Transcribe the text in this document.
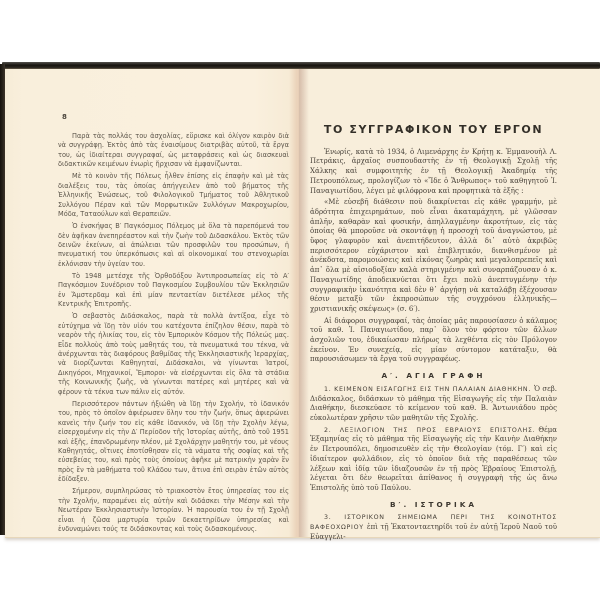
8

Παρὰ τὰς πολλάς του ἀσχολίας, εὕρισκε καὶ ὀλίγον καιρὸν διὰ νὰ συγγράφῃ. Ἐκτὸς ἀπὸ τὰς ἐναισίμους διατριβὰς αὐτοῦ, τὰ ἔργα του, ὡς ἰδιαίτεραι συγγραφαί, ὡς μεταφράσεις καὶ ὡς διασκευαὶ διδακτικῶν κειμένων ἐνωρὶς ἤρχισαν νὰ ἐμφανίζωνται.

Μὲ τὸ κοινὸν τῆς Πόλεως ἦλθεν ἐπίσης εἰς ἐπαφὴν καὶ μὲ τὰς διαλέξεις του, τὰς ὁποίας ἀπήγγειλεν ἀπὸ τοῦ βήματος τῆς Ἑλληνικῆς Ἑνώσεως, τοῦ Φιλολογικοῦ Τμήματος τοῦ Ἀθλητικοῦ Συλλόγου Πέραν καὶ τῶν Μορφωτικῶν Συλλόγων Μακροχωρίου, Μόδα, Ταταούλων καὶ Θεραπειῶν.

Ὁ ἐνσκήψας Β′ Παγκόσμιος Πόλεμος μὲ ὅλα τὰ παρεπόμενά του δὲν ἀφῆκαν ἀνεπηρέαστον καὶ τὴν ζωὴν τοῦ Διδασκάλου. Ἐκτὸς τῶν δεινῶν ἐκείνων, αἱ ἀπώλειαι τῶν προσφιλῶν του προσώπων, ἡ πνευματική του ὑπερκόπωσις καὶ αἱ οἰκονομικαί του στενοχωρίαι ἐκλόνισαν τὴν ὑγείαν του.

Τὸ 1948 μετέσχε τῆς Ὀρθοδόξου Ἀντιπροσωπείας εἰς τὸ Α′ Παγκόσμιον Συνέδριον τοῦ Παγκοσμίου Συμβουλίου τῶν Ἐκκλησιῶν ἐν Ἄμστερδαμ καὶ ἐπὶ μίαν πενταετίαν διετέλεσε μέλος τῆς Κεντρικῆς Ἐπιτροπῆς.

Ὁ σεβαστὸς Διδάσκαλος, παρὰ τὰ πολλὰ ἀντίξοα, εἶχε τὸ εὐτύχημα νὰ ἴδῃ τὸν υἱόν του κατέχοντα ἐπίζηλον θέσιν, παρὰ τὸ νεαρὸν τῆς ἡλικίας του, εἰς τὸν Ἐμπορικὸν Κόσμον τῆς Πόλεώς μας. Εἶδε πολλοὺς ἀπὸ τοὺς μαθητάς του, τὰ πνευματικά του τέκνα, νὰ ἀνέρχωνται τὰς διαφόρους βαθμίδας τῆς Ἐκκλησιαστικῆς Ἱεραρχίας, νὰ διορίζωνται Καθηγηταί, Διδάσκαλοι, νὰ γίνωνται Ἰατροί, Δικηγόροι, Μηχανικοί, Ἔμποροι· νὰ εἰσέρχωνται εἰς ὅλα τὰ στάδια τῆς Κοινωνικῆς ζωῆς, νὰ γίνωνται πατέρες καὶ μητέρες καὶ νὰ φέρουν τὰ τέκνα των πάλιν εἰς αὐτόν.

Περισσότερον πάντων ἠξιώθη νὰ ἴδῃ τὴν Σχολήν, τὸ ἰδανικόν του, πρὸς τὸ ὁποῖον ἀφιέρωσεν ὅλην του τὴν ζωήν, ὅπως ἀφιερώνει κανεὶς τὴν ζωήν του εἰς κάθε ἰδανικόν, νὰ ἴδῃ τὴν Σχολὴν λέγω, εἰσερχομένην εἰς τὴν Δ′ Περίοδον τῆς Ἱστορίας αὐτῆς, ἀπὸ τοῦ 1951 καὶ ἑξῆς, ἐπανδρωμένην πλέον, μὲ Σχολάρχην μαθητήν του, μὲ νέους Καθηγητάς, οἵτινες ἐποτίσθησαν εἰς τὰ νάματα τῆς σοφίας καὶ τῆς εὐσεβείας του, καὶ πρὸς τοὺς ὁποίους ἀφῆκε μὲ πατρικὴν χαρὰν ἓν πρὸς ἓν τὰ μαθήματα τοῦ Κλάδου των, ἅτινα ἐπὶ σειρὰν ἐτῶν αὐτὸς ἐδίδαξεν.

Σήμερον, συμπληρώσας τὸ τριακοστὸν ἔτος ὑπηρεσίας του εἰς τὴν Σχολήν, παραμένει εἰς αὐτὴν καὶ διδάσκει τὴν Μέσην καὶ τὴν Νεωτέραν Ἐκκλησιαστικὴν Ἱστορίαν. Ἡ παρουσία του ἐν τῇ Σχολῇ εἶναι ἡ ζῶσα μαρτυρία τριῶν δεκαετηρίδων ὑπηρεσίας καὶ ἐνδυναμώνει τούς τε διδάσκοντας καὶ τοὺς διδασκομένους.

ΤΟ ΣΥΓΓΡΑΦΙΚΟΝ ΤΟΥ ΕΡΓΟΝ

Ἐνωρίς, κατὰ τὸ 1934, ὁ Λιμενάρχης ἐν Κρήτῃ κ. Ἐμμανουὴλ Λ. Πετράκις, ἀρχαῖος συσπουδαστὴς ἐν τῇ Θεολογικῇ Σχολῇ τῆς Χάλκης καὶ συμφοιτητὴς ἐν τῇ Θεολογικῇ Ἀκαδημίᾳ τῆς Πετρουπόλεως, προλογίζων τὸ «Ἴδε ὁ Ἄνθρωπος» τοῦ καθηγητοῦ Ἰ. Παναγιωτίδου, λέγει μὲ φιλόφρονα καὶ προφητικὰ τὰ ἑξῆς :

«Μὲ εὐσεβῆ διάθεσιν ποὺ διακρίνεται εἰς κάθε γραμμήν, μὲ ἀδρότητα ἐπιχειρημάτων, ποὺ εἶναι ἀκαταμάχητη, μὲ γλῶσσαν ἁπλῆν, καθαρὰν καὶ φυσικήν, ἀπηλλαγμένην ἀκροτήτων, εἰς τὰς ὁποίας θὰ μποροῦσε νὰ σκοντάψῃ ἡ προσοχὴ τοῦ ἀναγνώστου, μὲ ὕφος γλαφυρὸν καὶ ἀνεπιτήδευτον, ἀλλὰ δι᾽ αὐτὸ ἀκριβῶς περισσότερον εὐχάριστον καὶ ἐπιβλητικόν, διανθισμένον μὲ ἀνέκδοτα, παρομοιώσεις καὶ εἰκόνας ζωηρὰς καὶ μεγαλοπρεπεῖς καὶ ἀπ᾽ ὅλα μὲ αἰσιοδοξίαν καλὰ στηριγμένην καὶ συναρπάζουσαν ὁ κ. Παναγιωτίδης ἀποδεικνύεται ὅτι ἔχει πολὺ ἀνεπτυγμένην τὴν συγγραφικὴν ἱκανότητα καὶ δὲν θ᾽ ἀργήσῃ νὰ καταλάβῃ ἐξέχουσαν θέσιν μεταξὺ τῶν ἐκπροσώπων τῆς συγχρόνου ἑλληνικῆς—χριστιανικῆς σκέψεως» (σ. 6′).

Αἱ διάφοροι συγγραφαί, τὰς ὁποίας μᾶς παρουσίασεν ὁ κάλαμος τοῦ καθ. Ἰ. Παναγιωτίδου, παρ᾽ ὅλον τὸν φόρτον τῶν ἄλλων ἀσχολιῶν του, ἐδικαίωσαν πλήρως τὰ λεχθέντα εἰς τὸν Πρόλογον ἐκεῖνον. Ἐν συνεχείᾳ, εἰς μίαν σύντομον κατάταξιν, θὰ παρουσιάσωμεν τὰ ἔργα τοῦ συγγραφέως.

Α′. ΑΓΙΑ ΓΡΑΦΗ

1. ΚΕΙΜΕΝΟΝ ΕΙΣΑΓΩΓΗΣ ΕΙΣ ΤΗΝ ΠΑΛΑΙΑΝ ΔΙΑΘΗΚΗΝ. Ὁ σεβ. Διδάσκαλος, διδάσκων τὸ μάθημα τῆς Εἰσαγωγῆς εἰς τὴν Παλαιὰν Διαθήκην, διεσκεύασε τὸ κείμενον τοῦ καθ. Β. Ἀντωνιάδου πρὸς εὐκολωτέραν χρῆσιν τῶν μαθητῶν τῆς Σχολῆς.

2. ΛΕΞΙΛΟΓΙΟΝ ΤΗΣ ΠΡΟΣ ΕΒΡΑΙΟΥΣ ΕΠΙΣΤΟΛΗΣ. Θέμα Ἐξαμηνίας εἰς τὸ μάθημα τῆς Εἰσαγωγῆς εἰς τὴν Καινὴν Διαθήκην ἐν Πετρουπόλει, δημοσιευθὲν εἰς τὴν Θεολογίαν (τόμ. Γ′) καὶ εἰς ἰδιαίτερον φυλλάδιον, εἰς τὸ ὁποῖον διὰ τῆς παραθέσεως τῶν λέξεων καὶ ἰδίᾳ τῶν ἰδιαζουσῶν ἐν τῇ πρὸς Ἑβραίους Ἐπιστολῇ, λέγεται ὅτι δὲν θεωρεῖται ἀπίθανος ἡ συγγραφὴ τῆς ὡς ἄνω Ἐπιστολῆς ὑπὸ τοῦ Παύλου.

Β′. ΙΣΤΟΡΙΚΑ

3. ΙΣΤΟΡΙΚΟΝ ΣΗΜΕΙΩΜΑ ΠΕΡΙ ΤΗΣ ΚΟΙΝΟΤΗΤΟΣ ΒΑΦΕΟΧΩΡΙΟΥ ἐπὶ τῇ Ἑκατονταετηρίδι τοῦ ἐν αὐτῇ Ἱεροῦ Ναοῦ τοῦ Εὐαγγελι-
